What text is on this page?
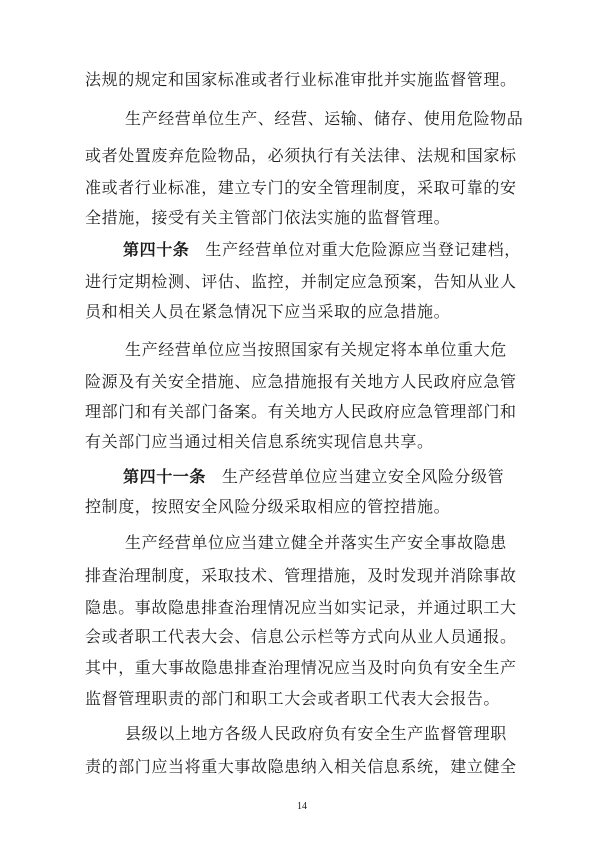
法规的规定和国家标准或者行业标准审批并实施监督管理。
生产经营单位生产、经营、运输、储存、使用危险物品
或者处置废弃危险物品，必须执行有关法律、法规和国家标
准或者行业标准，建立专门的安全管理制度，采取可靠的安
全措施，接受有关主管部门依法实施的监督管理。
第四十条 生产经营单位对重大危险源应当登记建档，
进行定期检测、评估、监控，并制定应急预案，告知从业人
员和相关人员在紧急情况下应当采取的应急措施。
生产经营单位应当按照国家有关规定将本单位重大危
险源及有关安全措施、应急措施报有关地方人民政府应急管
理部门和有关部门备案。有关地方人民政府应急管理部门和
有关部门应当通过相关信息系统实现信息共享。
第四十一条 生产经营单位应当建立安全风险分级管
控制度，按照安全风险分级采取相应的管控措施。
生产经营单位应当建立健全并落实生产安全事故隐患
排查治理制度，采取技术、管理措施，及时发现并消除事故
隐患。事故隐患排查治理情况应当如实记录，并通过职工大
会或者职工代表大会、信息公示栏等方式向从业人员通报。
其中，重大事故隐患排查治理情况应当及时向负有安全生产
监督管理职责的部门和职工大会或者职工代表大会报告。
县级以上地方各级人民政府负有安全生产监督管理职
责的部门应当将重大事故隐患纳入相关信息系统，建立健全
14
